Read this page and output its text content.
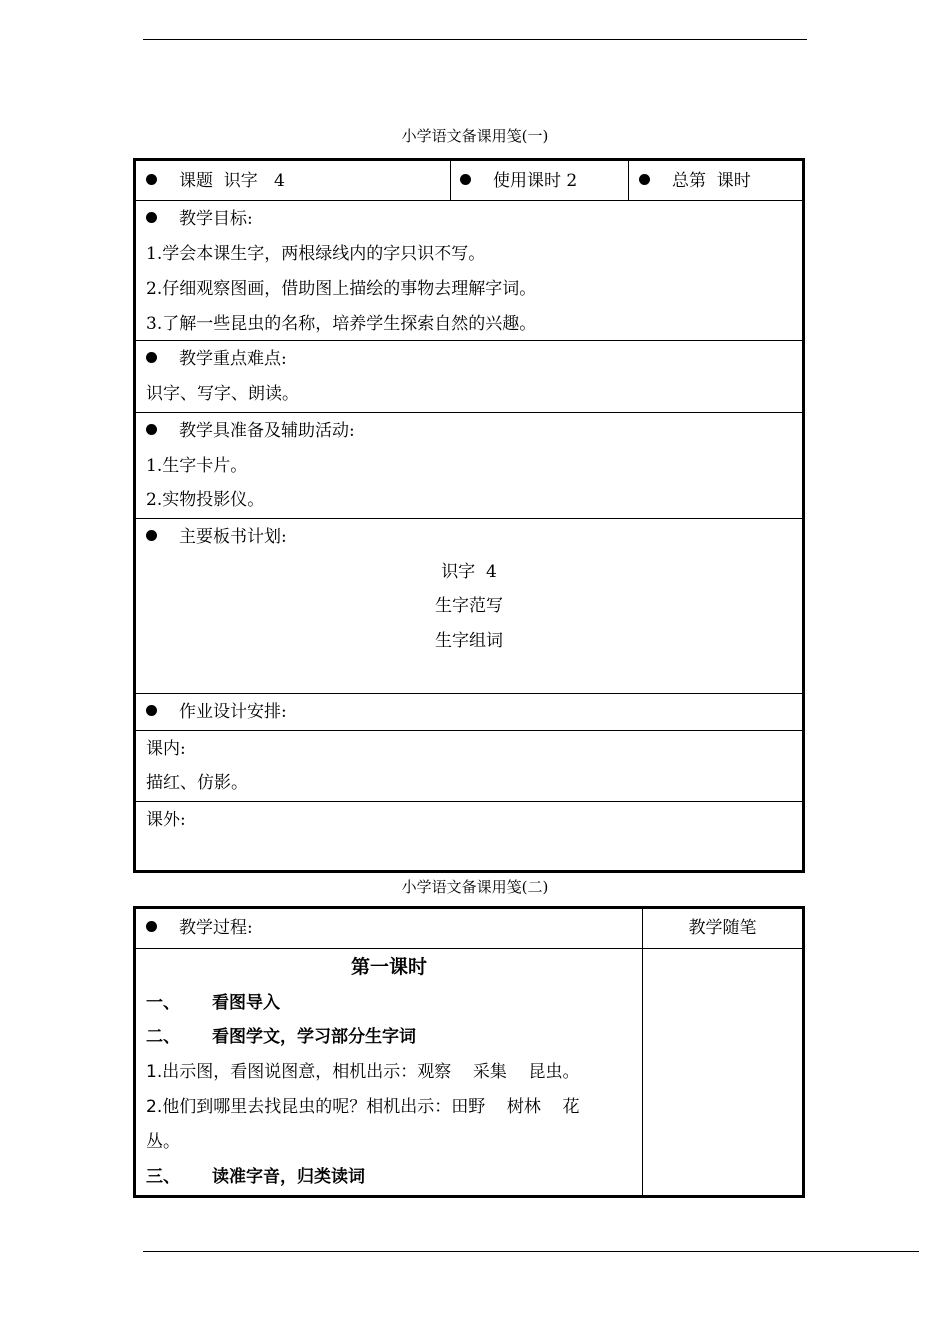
小学语文备课用笺(一)
课题  识字   4	使用课时 2	总第  课时
教学目标:
1.学会本课生字，两根绿线内的字只识不写。
2.仔细观察图画，借助图上描绘的事物去理解字词。
3.了解一些昆虫的名称，培养学生探索自然的兴趣。
教学重点难点:
识字、写字、朗读。
教学具准备及辅助活动:
1.生字卡片。
2.实物投影仪。
主要板书计划:
识字  4
生字范写
生字组词
作业设计安排:
课内:
描红、仿影。
课外:
小学语文备课用笺(二)
教学过程:	教学随笔
第一课时
一、 看图导入
二、 看图学文，学习部分生字词
1.出示图，看图说图意，相机出示：观察    采集    昆虫。
2.他们到哪里去找昆虫的呢？相机出示：田野    树林    花
丛。
三、 读准字音，归类读词
